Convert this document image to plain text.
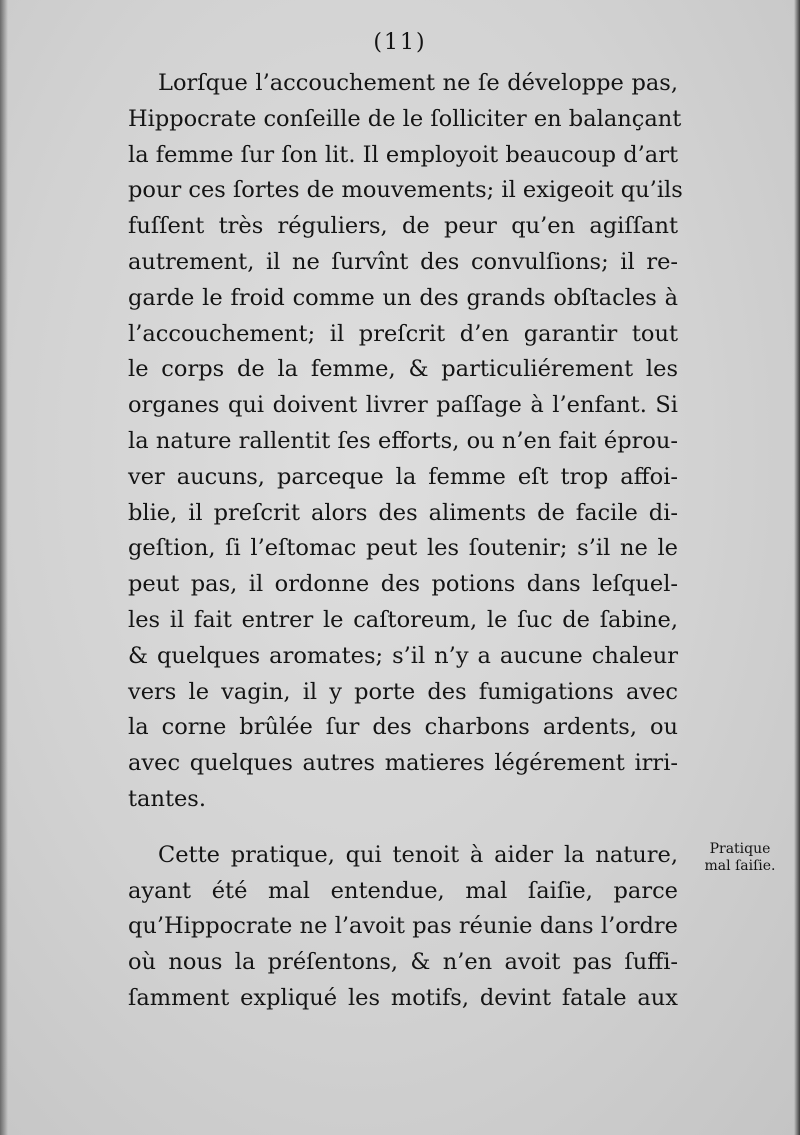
(11)
Lorſque l’accouchement ne ſe développe pas,
Hippocrate conſeille de le ſolliciter en balançant
la femme ſur ſon lit. Il employoit beaucoup d’art
pour ces ſortes de mouvements; il exigeoit qu’ils
fuſſent très réguliers, de peur qu’en agiſſant
autrement, il ne ſurvînt des convulſions; il re-
garde le froid comme un des grands obſtacles à
l’accouchement; il preſcrit d’en garantir tout
le corps de la femme, & particuliérement les
organes qui doivent livrer paſſage à l’enfant. Si
la nature rallentit ſes efforts, ou n’en fait éprou-
ver aucuns, parceque la femme eſt trop affoi-
blie, il preſcrit alors des aliments de facile di-
geſtion, ſi l’eſtomac peut les ſoutenir; s’il ne le
peut pas, il ordonne des potions dans leſquel-
les il fait entrer le caſtoreum, le ſuc de ſabine,
& quelques aromates; s’il n’y a aucune chaleur
vers le vagin, il y porte des fumigations avec
la corne brûlée ſur des charbons ardents, ou
avec quelques autres matieres légérement irri-
tantes.
Cette pratique, qui tenoit à aider la nature,
ayant été mal entendue, mal ſaiſie, parce
qu’Hippocrate ne l’avoit pas réunie dans l’ordre
où nous la préſentons, & n’en avoit pas ſuffi-
ſamment expliqué les motifs, devint fatale aux
Pratique
mal ſaiſie.
